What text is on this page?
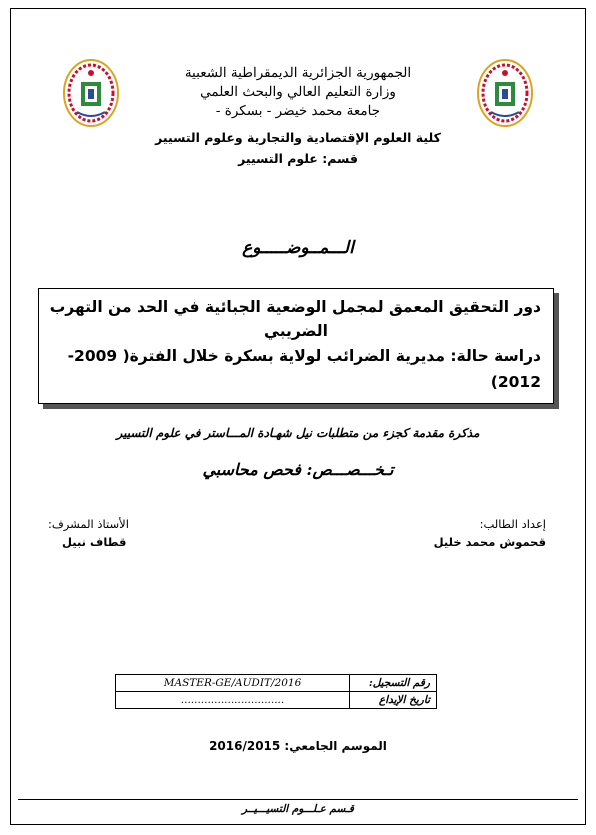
الجمهورية الجزائرية الديمقراطية الشعبية
وزارة التعليم العالي والبحث العلمي
جامعة محمد خيضر - بسكرة -
كلية العلوم الإقتصادية والتجارية وعلوم التسيير
قسم: علوم التسيير
الـــمــوضـــــوع
دور التحقيق المعمق لمجمل الوضعية الجبائية في الحد من التهرب
الضريبي
دراسة حالة: مديرية الضرائب لولاية بسكرة خلال الفترة( 2009-
2012)
مذكرة مقدمة كجزء من متطلبات نيل شهـادة المـــاستر في علوم التسيير
تـخـــصـــص: فحص محاسبي
إعداد الطالب:
قحموش محمد خليل
الأستاذ المشرف:
قطاف نبيل
MASTER-GE/AUDIT/2016	رقم التسجيل:
...............................	تاريخ الإيداع
الموسم الجامعي: 2016/2015
قـسم عـلـــوم التسيـــيــر
